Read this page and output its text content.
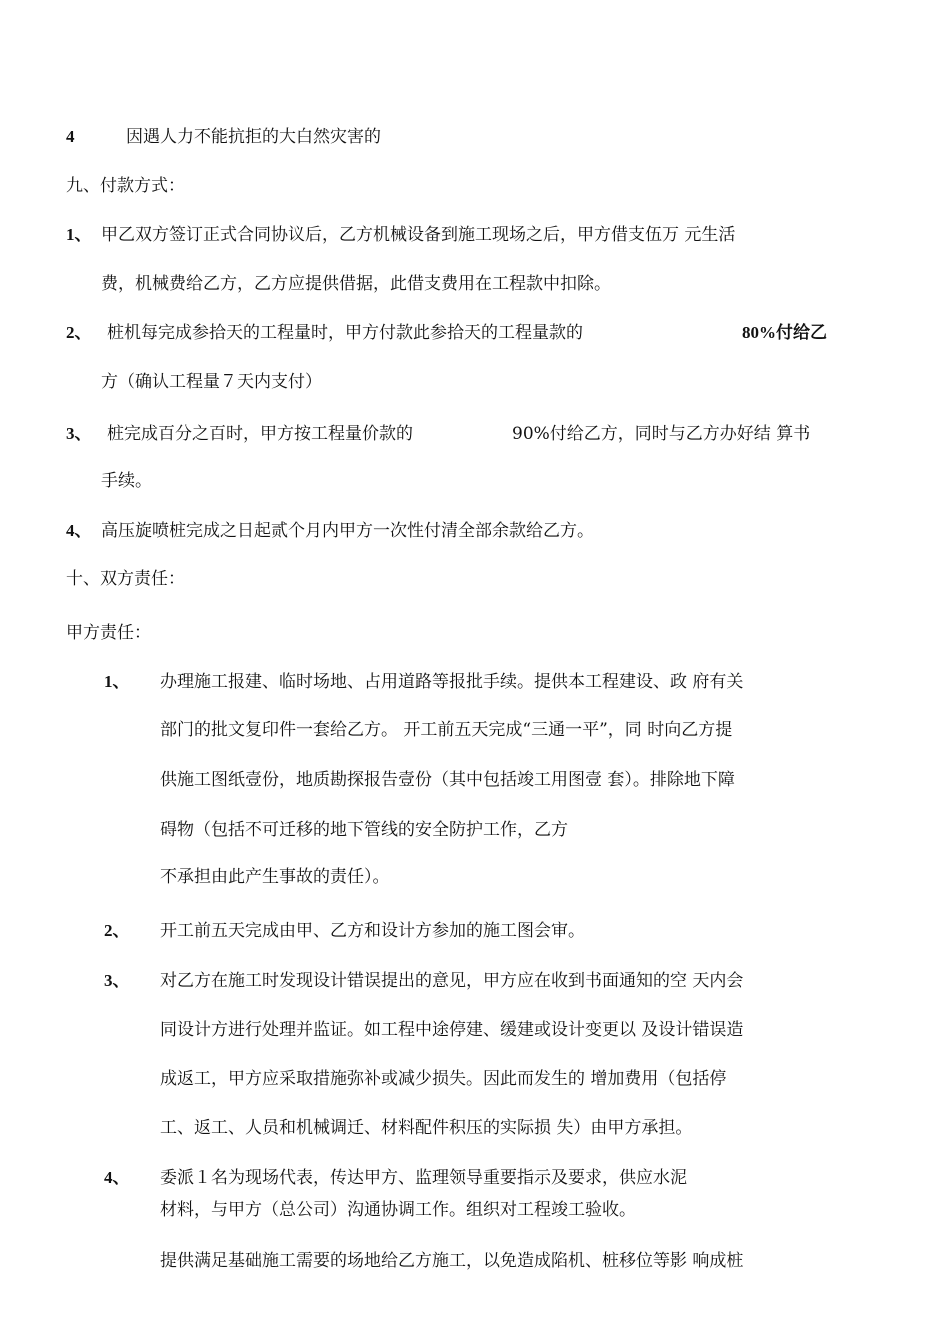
4	因遇人力不能抗拒的大白然灾害的
九、付款方式：
1、 甲乙双方签订正式合同协议后，乙方机械设备到施工现场之后，甲方借支伍万 元生活
费，机械费给乙方，乙方应提供借据，此借支费用在工程款中扣除。
2、 桩机每完成参拾天的工程量时，甲方付款此参拾天的工程量款的	80%付给乙
方（确认工程量７天内支付）
3、 桩完成百分之百时，甲方按工程量价款的	90%付给乙方，同时与乙方办好结 算书
手续。
4、 高压旋喷桩完成之日起贰个月内甲方一次性付清全部余款给乙方。
十、双方责任：
甲方责任：
1、 办理施工报建、临时场地、占用道路等报批手续。提供本工程建设、政 府有关
部门的批文复印件一套给乙方。 开工前五天完成“三通一平”，同 时向乙方提
供施工图纸壹份，地质勘探报告壹份（其中包括竣工用图壹 套）。排除地下障
碍物（包括不可迁移的地下管线的安全防护工作，乙方
不承担由此产生事故的责任）。
2、 开工前五天完成由甲、乙方和设计方参加的施工图会审。
3、 对乙方在施工时发现设计错误提出的意见，甲方应在收到书面通知的空 天内会
同设计方进行处理并监证。如工程中途停建、缓建或设计变更以 及设计错误造
成返工，甲方应采取措施弥补或减少损失。因此而发生的 增加费用（包括停
工、返工、人员和机械调迁、材料配件积压的实际损 失）由甲方承担。
4、 委派１名为现场代表，传达甲方、监理领导重要指示及要求，供应水泥
材料，与甲方（总公司）沟通协调工作。组织对工程竣工验收。
提供满足基础施工需要的场地给乙方施工，以免造成陷机、桩移位等影 响成桩
